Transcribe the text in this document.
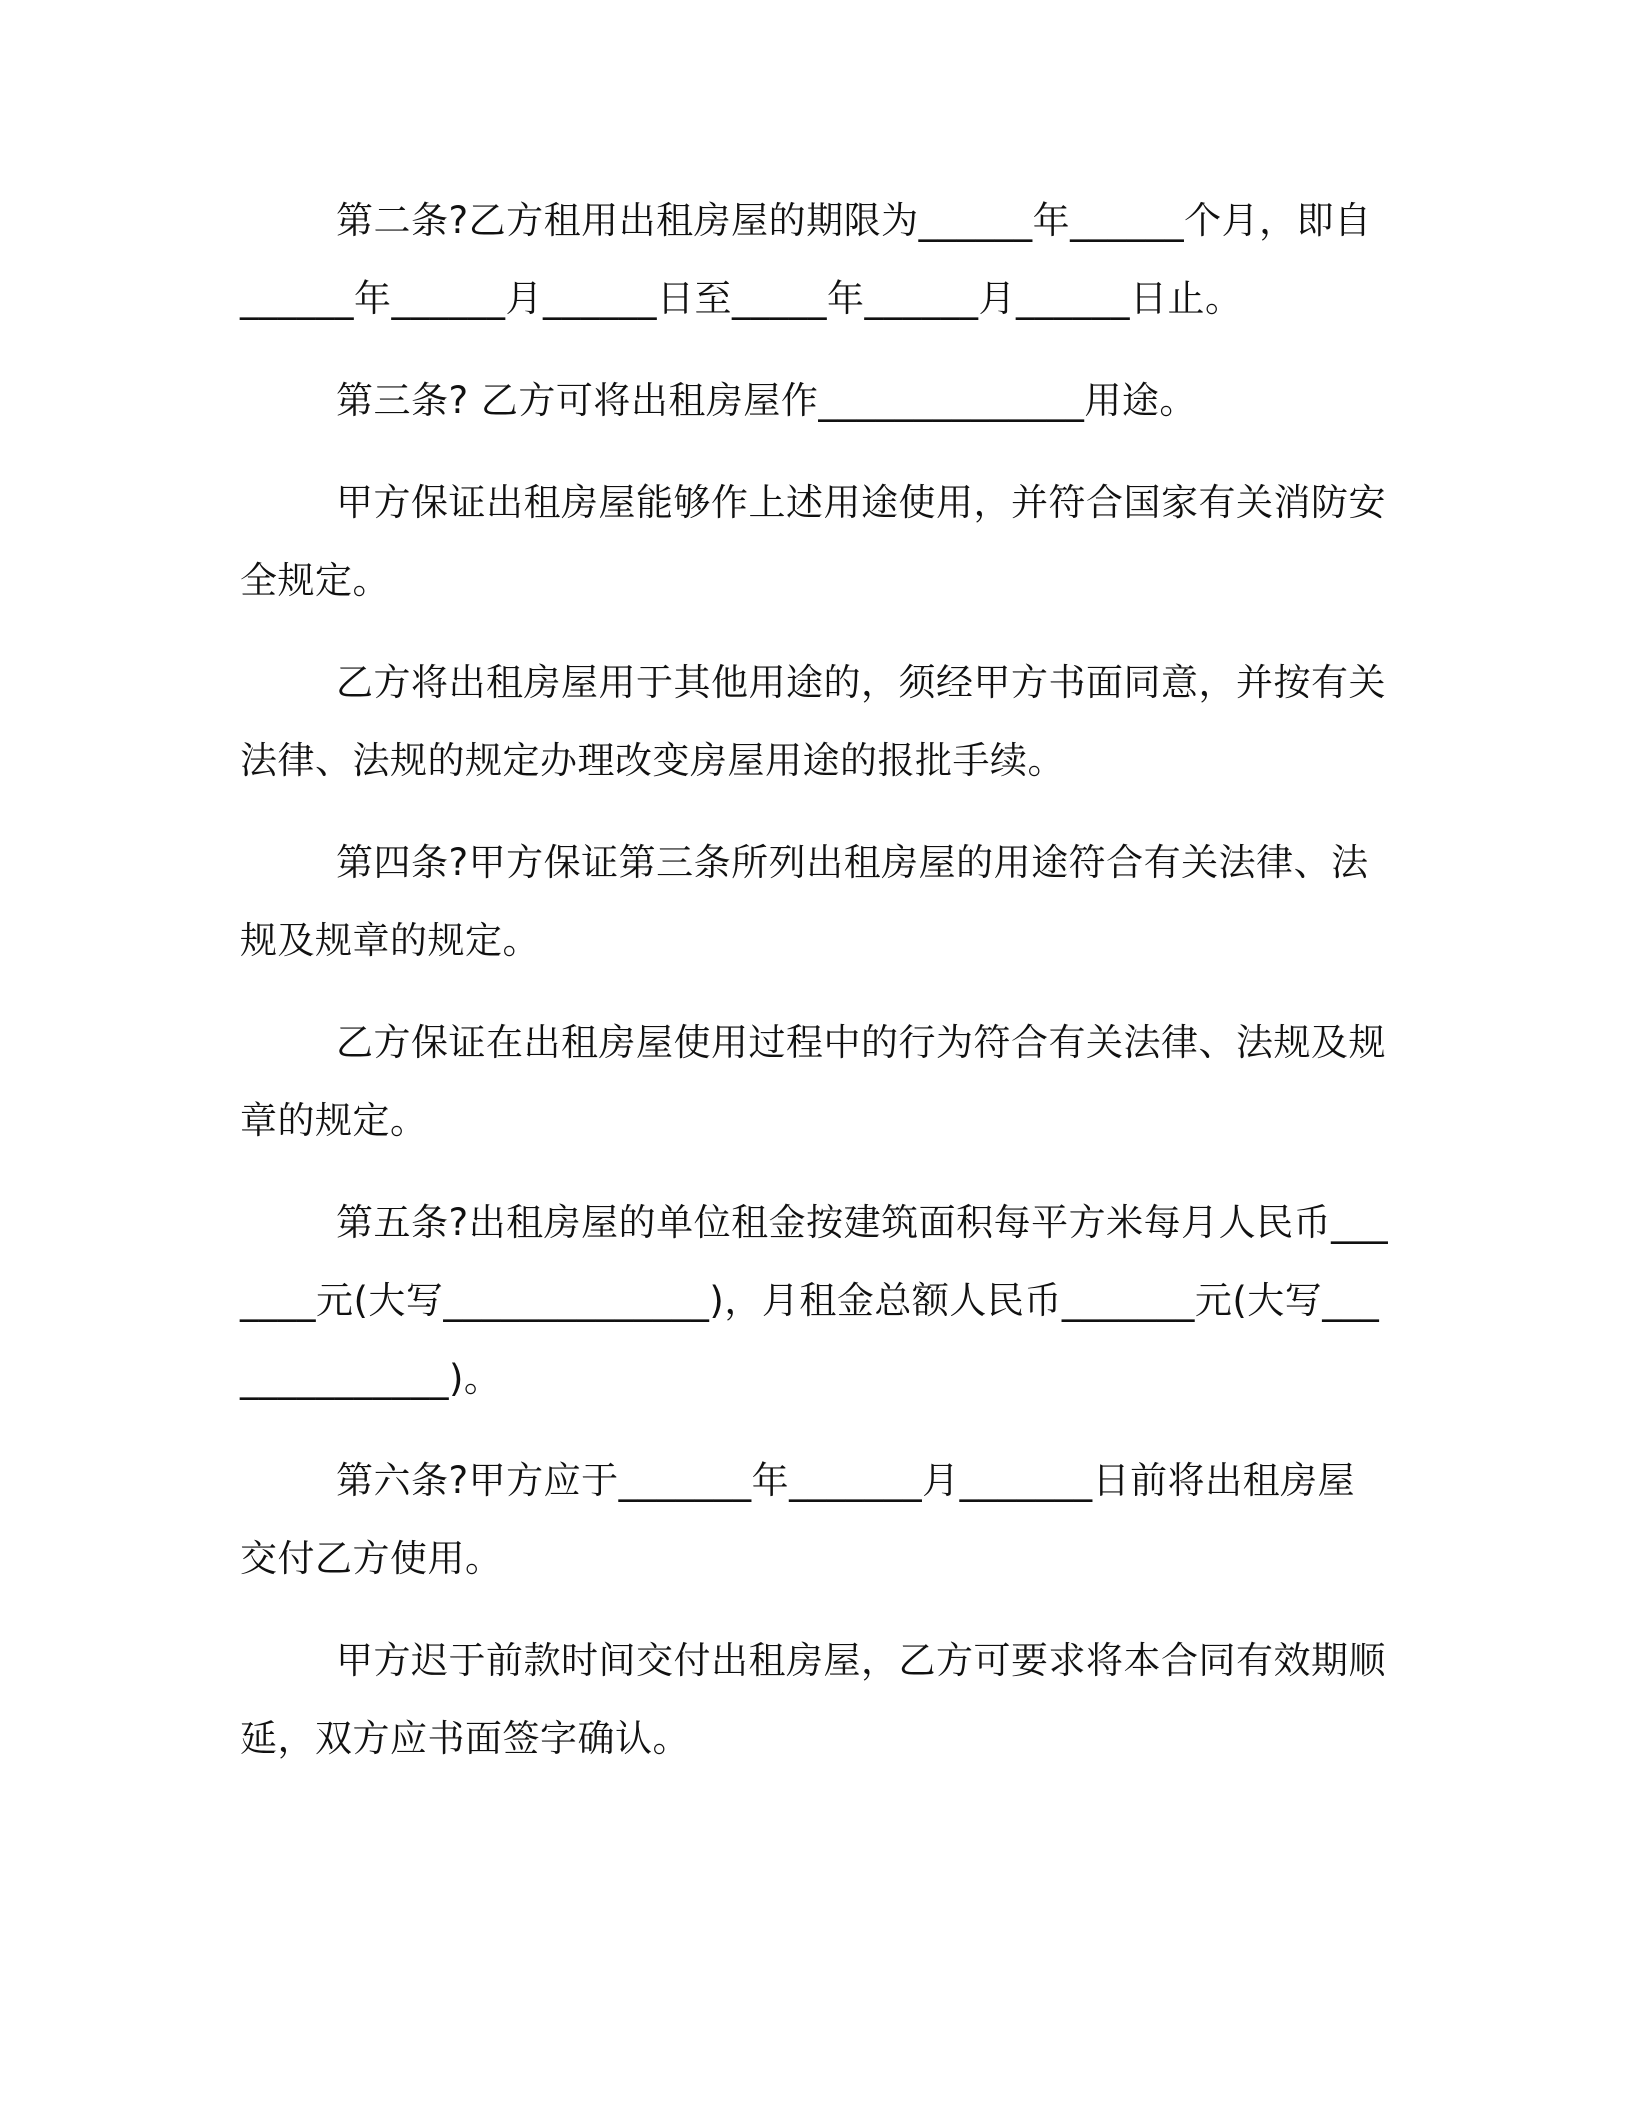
第二条?乙方租用出租房屋的期限为______年______个月，即自______年______月______日至_____年______月______日止。

第三条? 乙方可将出租房屋作______________用途。

甲方保证出租房屋能够作上述用途使用，并符合国家有关消防安全规定。

乙方将出租房屋用于其他用途的，须经甲方书面同意，并按有关法律、法规的规定办理改变房屋用途的报批手续。

第四条?甲方保证第三条所列出租房屋的用途符合有关法律、法规及规章的规定。

乙方保证在出租房屋使用过程中的行为符合有关法律、法规及规章的规定。

第五条?出租房屋的单位租金按建筑面积每平方米每月人民币_______元(大写______________)，月租金总额人民币_______元(大写______________)。

第六条?甲方应于_______年_______月_______日前将出租房屋交付乙方使用。

甲方迟于前款时间交付出租房屋，乙方可要求将本合同有效期顺延，双方应书面签字确认。
